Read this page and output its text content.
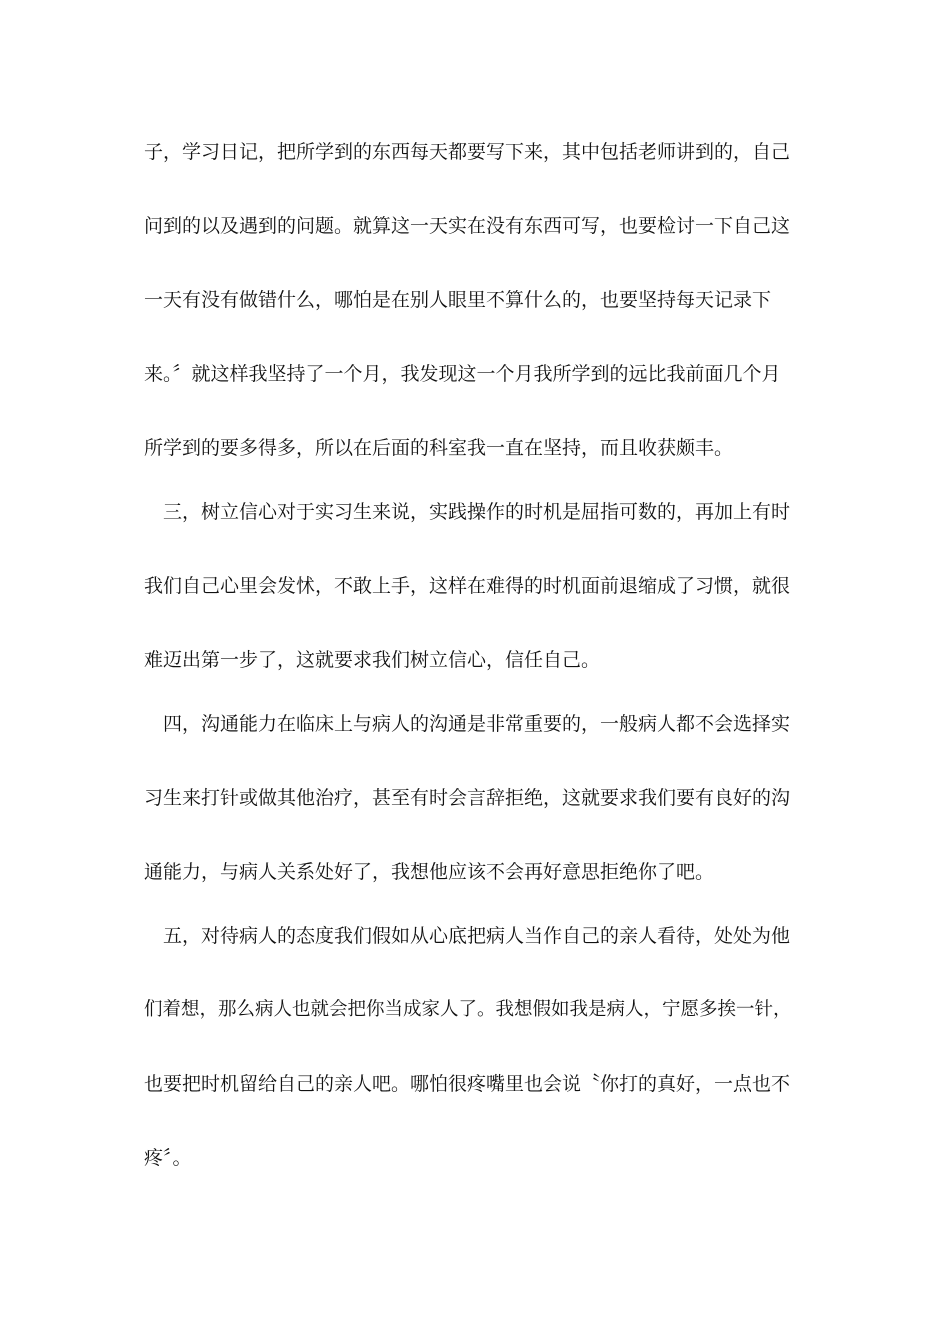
子，学习日记，把所学到的东西每天都要写下来，其中包括老师讲到的，自己
问到的以及遇到的问题。就算这一天实在没有东西可写，也要检讨一下自己这
一天有没有做错什么，哪怕是在别人眼里不算什么的，也要坚持每天记录下
来。〞就这样我坚持了一个月，我发现这一个月我所学到的远比我前面几个月
所学到的要多得多，所以在后面的科室我一直在坚持，而且收获颇丰。
　三，树立信心对于实习生来说，实践操作的时机是屈指可数的，再加上有时
我们自己心里会发怵，不敢上手，这样在难得的时机面前退缩成了习惯，就很
难迈出第一步了，这就要求我们树立信心，信任自己。
　四，沟通能力在临床上与病人的沟通是非常重要的，一般病人都不会选择实
习生来打针或做其他治疗，甚至有时会言辞拒绝，这就要求我们要有良好的沟
通能力，与病人关系处好了，我想他应该不会再好意思拒绝你了吧。
　五，对待病人的态度我们假如从心底把病人当作自己的亲人看待，处处为他
们着想，那么病人也就会把你当成家人了。我想假如我是病人，宁愿多挨一针，
也要把时机留给自己的亲人吧。哪怕很疼嘴里也会说〝你打的真好，一点也不
疼〞。
